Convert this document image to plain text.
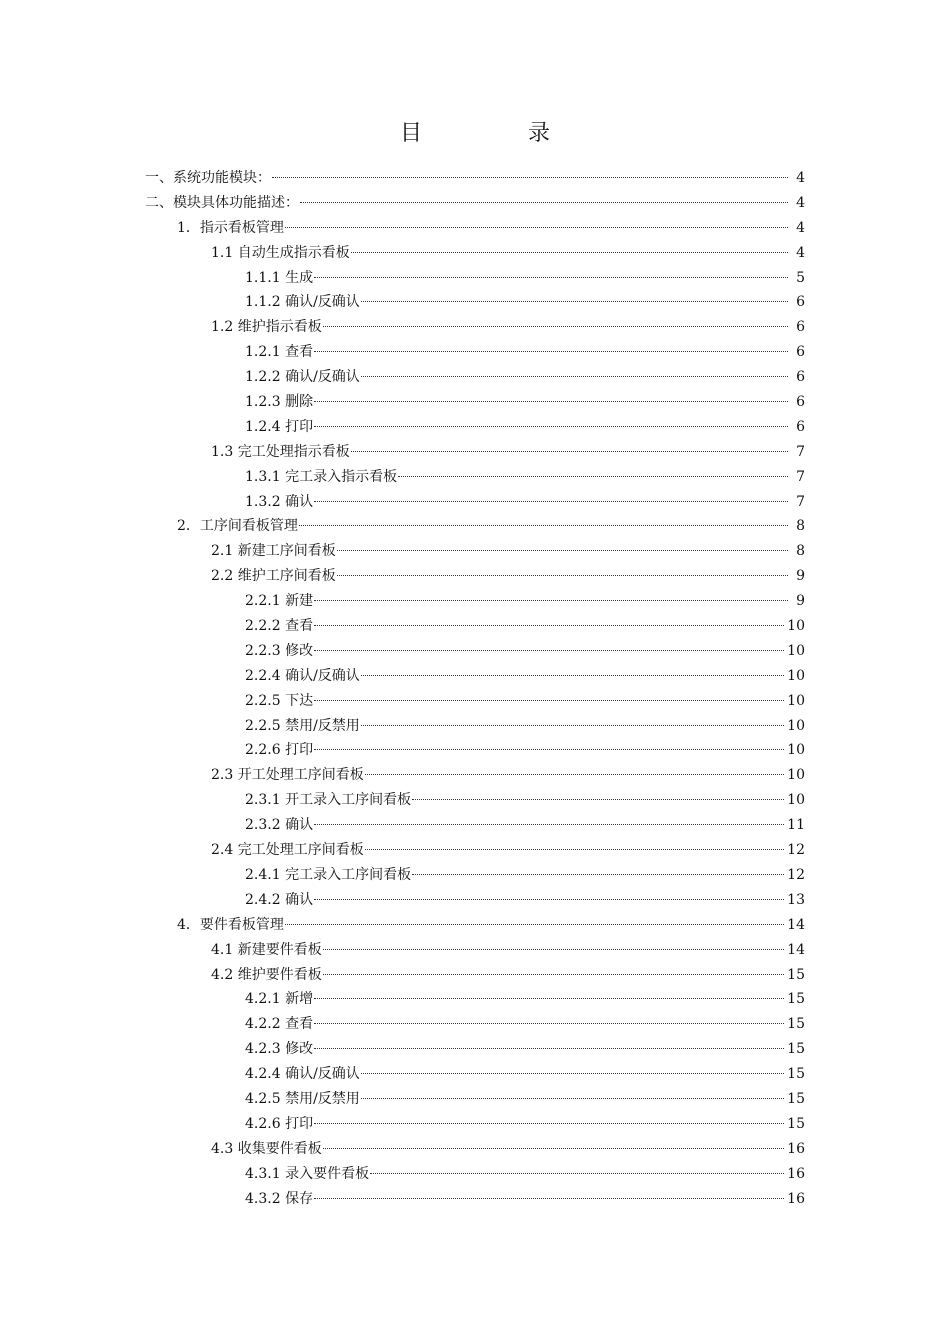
目　录
一、系统功能模块：	4
二、模块具体功能描述：	4
1．指示看板管理	4
1.1 自动生成指示看板	4
1.1.1 生成	5
1.1.2 确认/反确认	6
1.2 维护指示看板	6
1.2.1 查看	6
1.2.2 确认/反确认	6
1.2.3 删除	6
1.2.4 打印	6
1.3 完工处理指示看板	7
1.3.1 完工录入指示看板	7
1.3.2 确认	7
2．工序间看板管理	8
2.1 新建工序间看板	8
2.2 维护工序间看板	9
2.2.1 新建	9
2.2.2 查看	10
2.2.3 修改	10
2.2.4 确认/反确认	10
2.2.5 下达	10
2.2.5 禁用/反禁用	10
2.2.6 打印	10
2.3 开工处理工序间看板	10
2.3.1 开工录入工序间看板	10
2.3.2 确认	11
2.4 完工处理工序间看板	12
2.4.1 完工录入工序间看板	12
2.4.2 确认	13
4．要件看板管理	14
4.1 新建要件看板	14
4.2 维护要件看板	15
4.2.1 新增	15
4.2.2 查看	15
4.2.3 修改	15
4.2.4 确认/反确认	15
4.2.5 禁用/反禁用	15
4.2.6 打印	15
4.3 收集要件看板	16
4.3.1 录入要件看板	16
4.3.2 保存	16
